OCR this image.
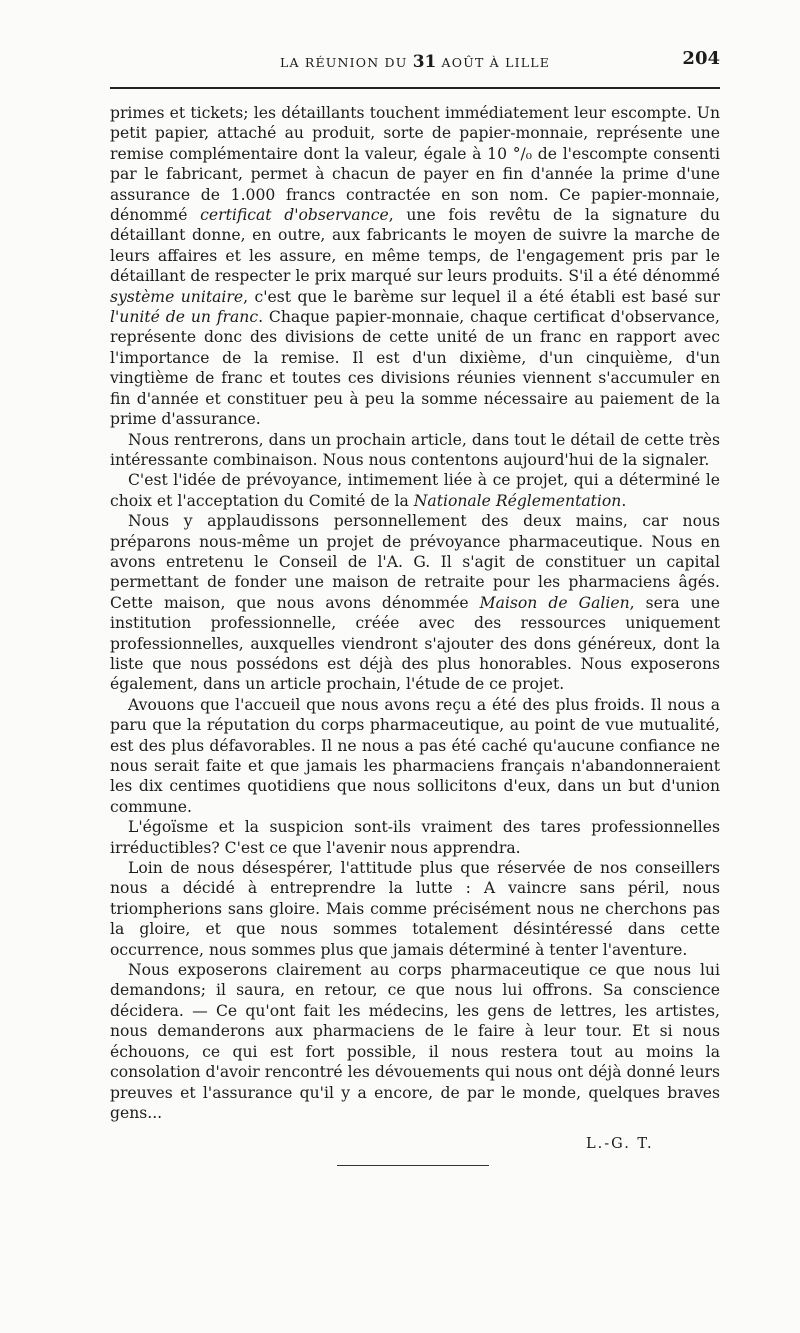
LA RÉUNION DU 31 AOÛT À LILLE	204

primes et tickets; les détaillants touchent immédiatement leur escompte. Un petit papier, attaché au produit, sorte de papier-monnaie, représente une remise complémentaire dont la valeur, égale à 10 °/₀ de l'escompte consenti par le fabricant, permet à chacun de payer en fin d'année la prime d'une assurance de 1.000 francs contractée en son nom. Ce papier-monnaie, dénommé certificat d'observance, une fois revêtu de la signature du détaillant donne, en outre, aux fabricants le moyen de suivre la marche de leurs affaires et les assure, en même temps, de l'engagement pris par le détaillant de respecter le prix marqué sur leurs produits. S'il a été dénommé système unitaire, c'est que le barème sur lequel il a été établi est basé sur l'unité de un franc. Chaque papier-monnaie, chaque certificat d'observance, représente donc des divisions de cette unité de un franc en rapport avec l'importance de la remise. Il est d'un dixième, d'un cinquième, d'un vingtième de franc et toutes ces divisions réunies viennent s'accumuler en fin d'année et constituer peu à peu la somme nécessaire au paiement de la prime d'assurance.

Nous rentrerons, dans un prochain article, dans tout le détail de cette très intéressante combinaison. Nous nous contentons aujourd'hui de la signaler.

C'est l'idée de prévoyance, intimement liée à ce projet, qui a déterminé le choix et l'acceptation du Comité de la Nationale Réglementation.

Nous y applaudissons personnellement des deux mains, car nous préparons nous-même un projet de prévoyance pharmaceutique. Nous en avons entretenu le Conseil de l'A. G. Il s'agit de constituer un capital permettant de fonder une maison de retraite pour les pharmaciens âgés. Cette maison, que nous avons dénommée Maison de Galien, sera une institution professionnelle, créée avec des ressources uniquement professionnelles, auxquelles viendront s'ajouter des dons généreux, dont la liste que nous possédons est déjà des plus honorables. Nous exposerons également, dans un article prochain, l'étude de ce projet.

Avouons que l'accueil que nous avons reçu a été des plus froids. Il nous a paru que la réputation du corps pharmaceutique, au point de vue mutualité, est des plus défavorables. Il ne nous a pas été caché qu'aucune confiance ne nous serait faite et que jamais les pharmaciens français n'abandonneraient les dix centimes quotidiens que nous sollicitons d'eux, dans un but d'union commune.

L'égoïsme et la suspicion sont-ils vraiment des tares professionnelles irréductibles? C'est ce que l'avenir nous apprendra.

Loin de nous désespérer, l'attitude plus que réservée de nos conseillers nous a décidé à entreprendre la lutte : A vaincre sans péril, nous triompherions sans gloire. Mais comme précisément nous ne cherchons pas la gloire, et que nous sommes totalement désintéressé dans cette occurrence, nous sommes plus que jamais déterminé à tenter l'aventure.

Nous exposerons clairement au corps pharmaceutique ce que nous lui demandons; il saura, en retour, ce que nous lui offrons. Sa conscience décidera. — Ce qu'ont fait les médecins, les gens de lettres, les artistes, nous demanderons aux pharmaciens de le faire à leur tour. Et si nous échouons, ce qui est fort possible, il nous restera tout au moins la consolation d'avoir rencontré les dévouements qui nous ont déjà donné leurs preuves et l'assurance qu'il y a encore, de par le monde, quelques braves gens...

L.-G. T.
